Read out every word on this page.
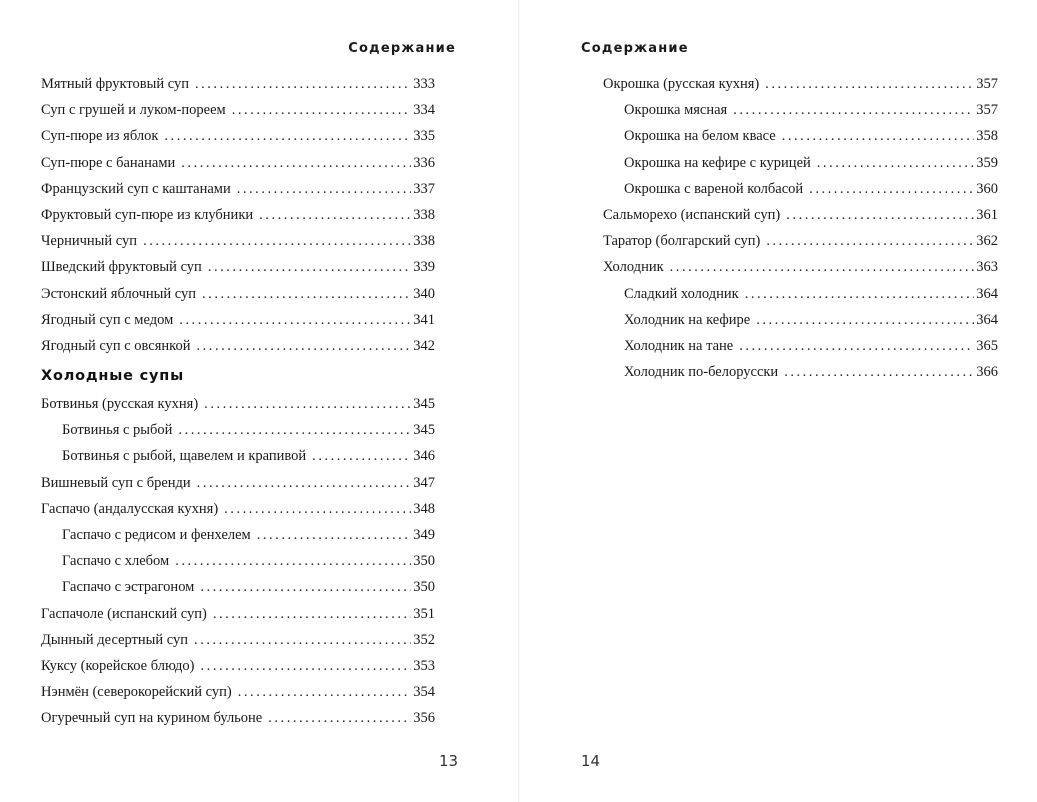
Содержание
Мятный фруктовый суп . . .	333
Суп с грушей и луком-пореем . . .	334
Суп-пюре из яблок . . .	335
Суп-пюре с бананами . . .	336
Французский суп с каштанами . . .	337
Фруктовый суп-пюре из клубники . . .	338
Черничный суп . . .	338
Шведский фруктовый суп . . .	339
Эстонский яблочный суп . . .	340
Ягодный суп с медом . . .	341
Ягодный суп с овсянкой . . .	342
Холодные супы
Ботвинья (русская кухня) . . .	345
Ботвинья с рыбой . . .	345
Ботвинья с рыбой, щавелем и крапивой . . .	346
Вишневый суп с бренди . . .	347
Гаспачо (андалусская кухня) . . .	348
Гаспачо с редисом и фенхелем . . .	349
Гаспачо с хлебом . . .	350
Гаспачо с эстрагоном . . .	350
Гаспачоле (испанский суп) . . .	351
Дынный десертный суп . . .	352
Куксу (корейское блюдо) . . .	353
Нэнмён (северокорейский суп) . . .	354
Огуречный суп на курином бульоне . . .	356
13
Содержание
Окрошка (русская кухня) . . .	357
Окрошка мясная . . .	357
Окрошка на белом квасе . . .	358
Окрошка на кефире с курицей . . .	359
Окрошка с вареной колбасой . . .	360
Сальморехо (испанский суп) . . .	361
Таратор (болгарский суп) . . .	362
Холодник . . .	363
Сладкий холодник . . .	364
Холодник на кефире . . .	364
Холодник на тане . . .	365
Холодник по-белорусски . . .	366
14
